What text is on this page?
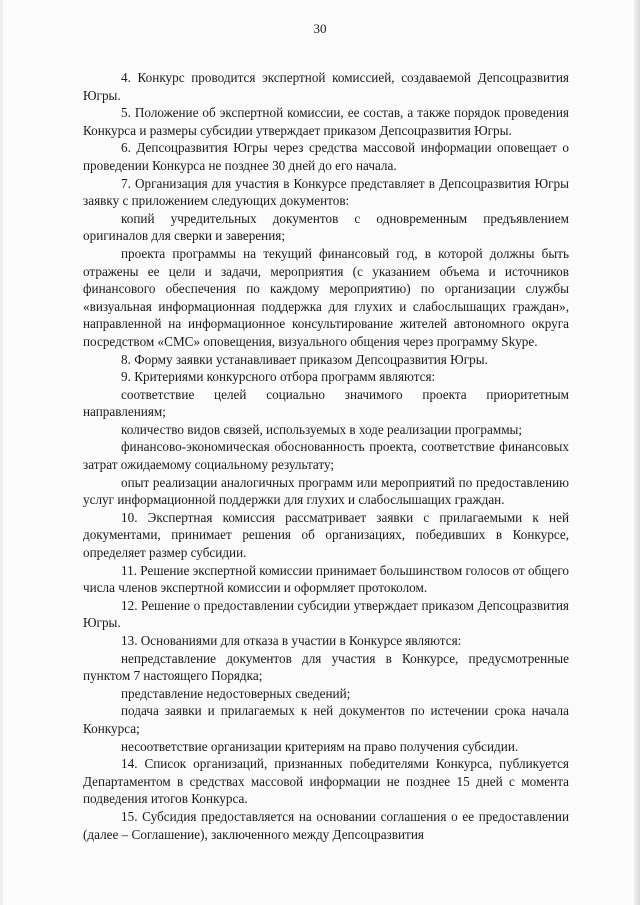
30

4. Конкурс проводится экспертной комиссией, создаваемой Депсоцразвития Югры.

5. Положение об экспертной комиссии, ее состав, а также порядок проведения Конкурса и размеры субсидии утверждает приказом Депсоцразвития Югры.

6. Депсоцразвития Югры через средства массовой информации оповещает о проведении Конкурса не позднее 30 дней до его начала.

7. Организация для участия в Конкурсе представляет в Депсоцразвития Югры заявку с приложением следующих документов:

копий учредительных документов с одновременным предъявлением оригиналов для сверки и заверения;

проекта программы на текущий финансовый год, в которой должны быть отражены ее цели и задачи, мероприятия (с указанием объема и источников финансового обеспечения по каждому мероприятию) по организации службы «визуальная информационная поддержка для глухих и слабослышащих граждан», направленной на информационное консультирование жителей автономного округа посредством «СМС» оповещения, визуального общения через программу Skype.

8. Форму заявки устанавливает приказом Депсоцразвития Югры.

9. Критериями конкурсного отбора программ являются:

соответствие целей социально значимого проекта приоритетным направлениям;

количество видов связей, используемых в ходе реализации программы;

финансово-экономическая обоснованность проекта, соответствие финансовых затрат ожидаемому социальному результату;

опыт реализации аналогичных программ или мероприятий по предоставлению услуг информационной поддержки для глухих и слабослышащих граждан.

10. Экспертная комиссия рассматривает заявки с прилагаемыми к ней документами, принимает решения об организациях, победивших в Конкурсе, определяет размер субсидии.

11. Решение экспертной комиссии принимает большинством голосов от общего числа членов экспертной комиссии и оформляет протоколом.

12. Решение о предоставлении субсидии утверждает приказом Депсоцразвития Югры.

13. Основаниями для отказа в участии в Конкурсе являются:

непредставление документов для участия в Конкурсе, предусмотренные пунктом 7 настоящего Порядка;

представление недостоверных сведений;

подача заявки и прилагаемых к ней документов по истечении срока начала Конкурса;

несоответствие организации критериям на право получения субсидии.

14. Список организаций, признанных победителями Конкурса, публикуется Департаментом в средствах массовой информации не позднее 15 дней с момента подведения итогов Конкурса.

15. Субсидия предоставляется на основании соглашения о ее предоставлении (далее – Соглашение), заключенного между Депсоцразвития
